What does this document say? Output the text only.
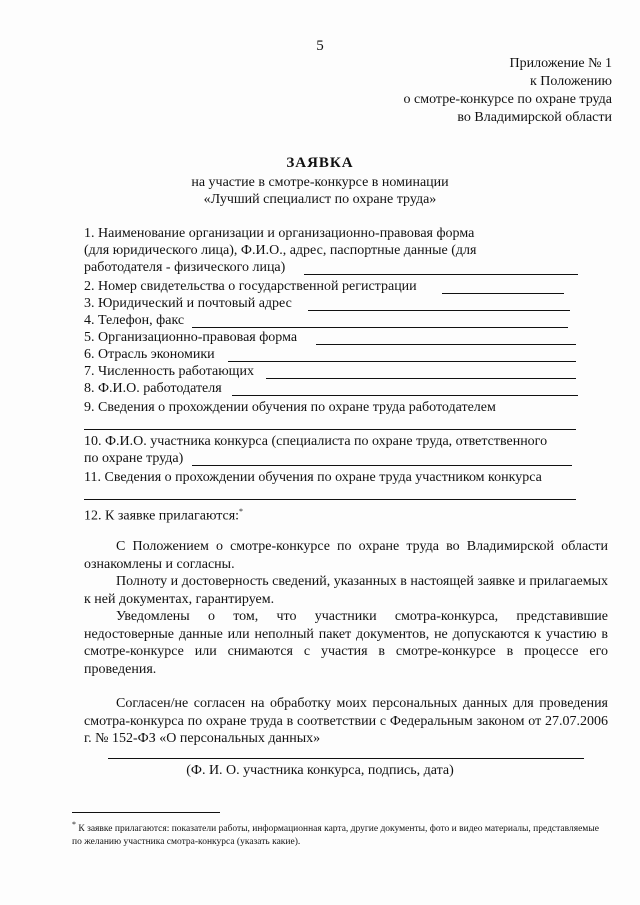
5
Приложение № 1
к Положению
о смотре-конкурсе по охране труда
во Владимирской области
ЗАЯВКА
на участие в смотре-конкурсе в номинации
«Лучший специалист по охране труда»
1. Наименование организации и организационно-правовая форма
(для юридического лица), Ф.И.О., адрес, паспортные данные (для
работодателя - физического лица)
2. Номер свидетельства о государственной регистрации
3. Юридический и почтовый адрес
4. Телефон, факс
5. Организационно-правовая форма
6. Отрасль экономики
7. Численность работающих
8. Ф.И.О. работодателя
9. Сведения о прохождении обучения по охране труда работодателем
10. Ф.И.О. участника конкурса (специалиста по охране труда, ответственного
по охране труда)
11. Сведения о прохождении обучения по охране труда участником конкурса
12. К заявке прилагаются:*
С Положением о смотре-конкурсе по охране труда во Владимирской области ознакомлены и согласны.
Полноту и достоверность сведений, указанных в настоящей заявке и прилагаемых к ней документах, гарантируем.
Уведомлены о том, что участники смотра-конкурса, представившие недостоверные данные или неполный пакет документов, не допускаются к участию в смотре-конкурсе или снимаются с участия в смотре-конкурсе в процессе его проведения.
Согласен/не согласен на обработку моих персональных данных для проведения смотра-конкурса по охране труда в соответствии с Федеральным законом от 27.07.2006 г. № 152-ФЗ «О персональных данных»
(Ф. И. О. участника конкурса, подпись, дата)
* К заявке прилагаются: показатели работы, информационная карта, другие документы, фото и видео материалы, представляемые по желанию участника смотра-конкурса (указать какие).
